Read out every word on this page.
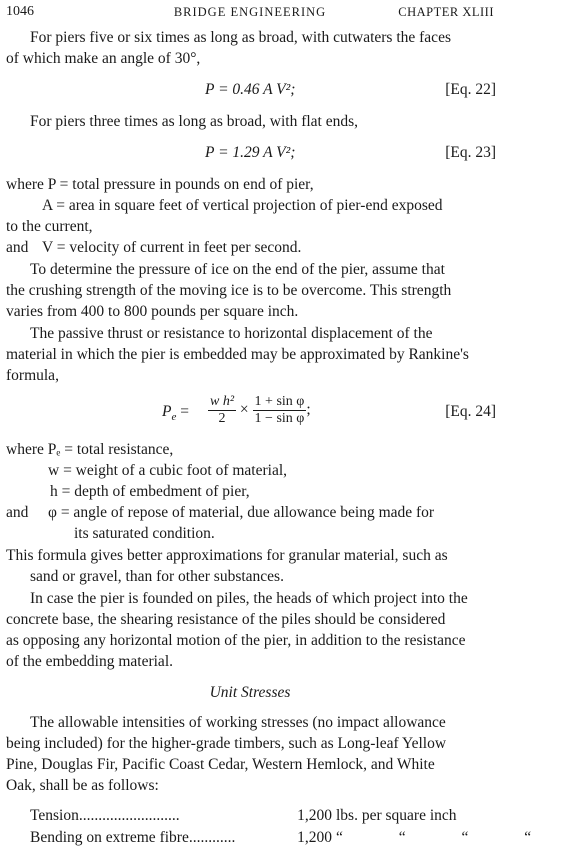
1046	BRIDGE ENGINEERING	CHAPTER XLIII
For piers five or six times as long as broad, with cutwaters the faces
of which make an angle of 30°,
P = 0.46 A V²;	[Eq. 22]
For piers three times as long as broad, with flat ends,
P = 1.29 A V²;	[Eq. 23]
where P = total pressure in pounds on end of pier,
A = area in square feet of vertical projection of pier-end exposed
to the current,
and V = velocity of current in feet per second.
To determine the pressure of ice on the end of the pier, assume that
the crushing strength of the moving ice is to be overcome. This strength
varies from 400 to 800 pounds per square inch.
The passive thrust or resistance to horizontal displacement of the
material in which the pier is embedded may be approximated by Rankine's
formula,
$P_e = \frac{\text{w h²}}{2} \times \frac{\text{1 + sin φ}}{\text{1 − sin φ}}$ ;	[Eq. 24]
where Pₑ = total resistance,
w = weight of a cubic foot of material,
h = depth of embedment of pier,
and φ = angle of repose of material, due allowance being made for
its saturated condition.
This formula gives better approximations for granular material, such as
sand or gravel, than for other substances.
In case the pier is founded on piles, the heads of which project into the
concrete base, the shearing resistance of the piles should be considered
as opposing any horizontal motion of the pier, in addition to the resistance
of the embedding material.
Unit Stresses
The allowable intensities of working stresses (no impact allowance
being included) for the higher-grade timbers, such as Long-leaf Yellow
Pine, Douglas Fir, Pacific Coast Cedar, Western Hemlock, and White
Oak, shall be as follows:
Tension..........................	1,200 lbs. per square inch
Bending on extreme fibre............	1,200 “ “ “ “
